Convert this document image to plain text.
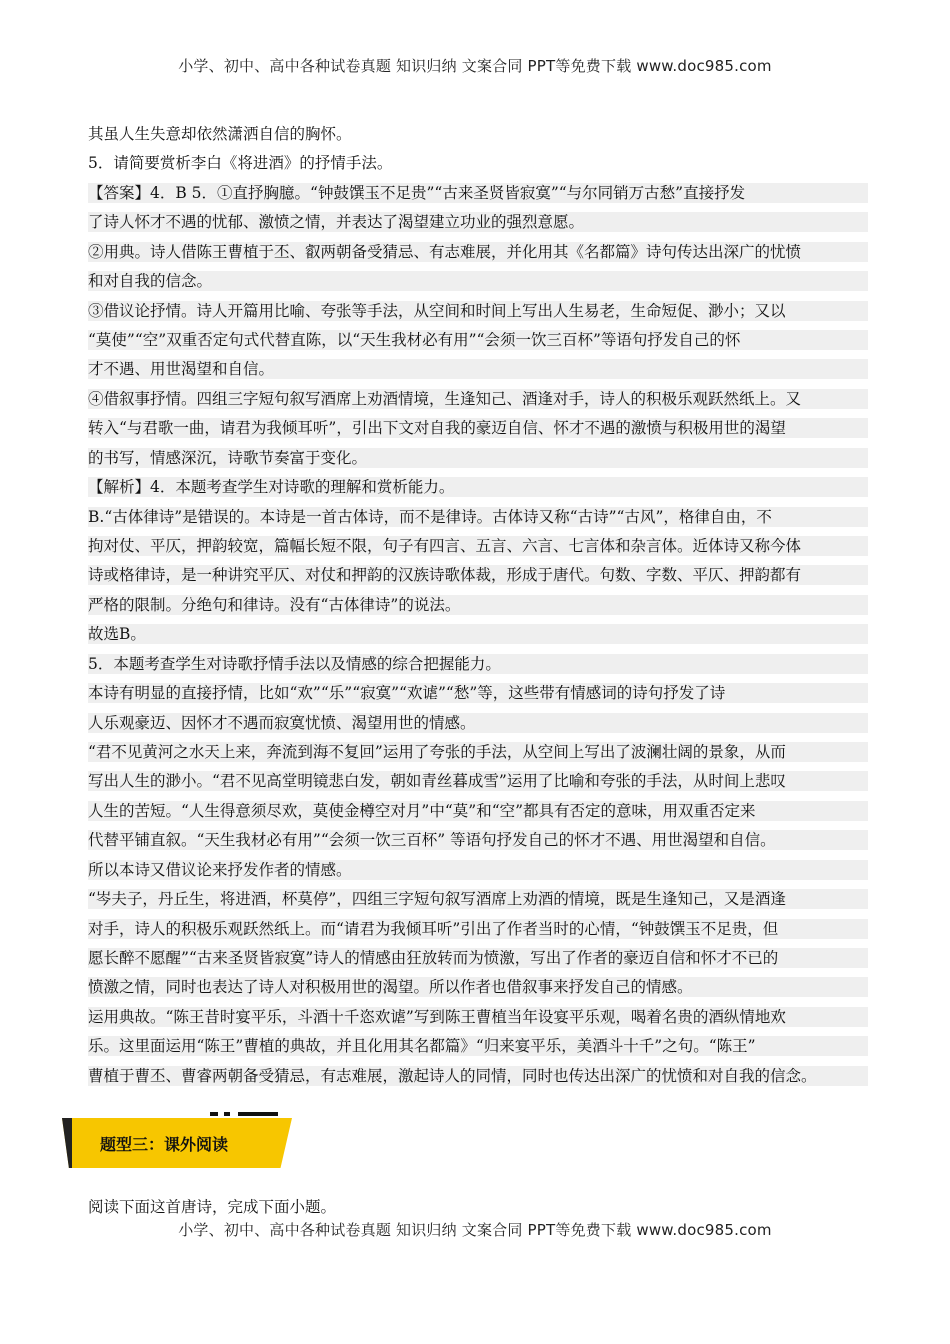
小学、初中、高中各种试卷真题 知识归纳 文案合同 PPT等免费下载 www.doc985.com
其虽人生失意却依然潇洒自信的胸怀。
5．请简要赏析李白《将进酒》的抒情手法。
【答案】4．B 5．①直抒胸臆。“钟鼓馔玉不足贵”“古来圣贤皆寂寞”“与尔同销万古愁”直接抒发
了诗人怀才不遇的忧郁、激愤之情，并表达了渴望建立功业的强烈意愿。
②用典。诗人借陈王曹植于丕、叡两朝备受猜忌、有志难展，并化用其《名都篇》诗句传达出深广的忧愤
和对自我的信念。
③借议论抒情。诗人开篇用比喻、夸张等手法，从空间和时间上写出人生易老，生命短促、渺小；又以
“莫使”“空”双重否定句式代替直陈，以“天生我材必有用”“会须一饮三百杯”等语句抒发自己的怀
才不遇、用世渴望和自信。
④借叙事抒情。四组三字短句叙写酒席上劝酒情境，生逢知己、酒逢对手，诗人的积极乐观跃然纸上。又
转入“与君歌一曲，请君为我倾耳听”，引出下文对自我的豪迈自信、怀才不遇的激愤与积极用世的渴望
的书写，情感深沉，诗歌节奏富于变化。
【解析】4．本题考查学生对诗歌的理解和赏析能力。
B.“古体律诗”是错误的。本诗是一首古体诗，而不是律诗。古体诗又称“古诗”“古风”，格律自由，不
拘对仗、平仄，押韵较宽，篇幅长短不限，句子有四言、五言、六言、七言体和杂言体。近体诗又称今体
诗或格律诗，是一种讲究平仄、对仗和押韵的汉族诗歌体裁，形成于唐代。句数、字数、平仄、押韵都有
严格的限制。分绝句和律诗。没有“古体律诗”的说法。
故选B。
5．本题考查学生对诗歌抒情手法以及情感的综合把握能力。
本诗有明显的直接抒情，比如“欢”“乐”“寂寞”“欢谑”“愁”等，这些带有情感词的诗句抒发了诗
人乐观豪迈、因怀才不遇而寂寞忧愤、渴望用世的情感。
“君不见黄河之水天上来，奔流到海不复回”运用了夸张的手法，从空间上写出了波澜壮阔的景象，从而
写出人生的渺小。“君不见高堂明镜悲白发，朝如青丝暮成雪”运用了比喻和夸张的手法，从时间上悲叹
人生的苦短。“人生得意须尽欢，莫使金樽空对月”中“莫”和“空”都具有否定的意味，用双重否定来
代替平铺直叙。“天生我材必有用”“会须一饮三百杯” 等语句抒发自己的怀才不遇、用世渴望和自信。
所以本诗又借议论来抒发作者的情感。
“岑夫子，丹丘生，将进酒，杯莫停”，四组三字短句叙写酒席上劝酒的情境，既是生逢知己，又是酒逢
对手，诗人的积极乐观跃然纸上。而“请君为我倾耳听”引出了作者当时的心情，“钟鼓馔玉不足贵，但
愿长醉不愿醒”“古来圣贤皆寂寞”诗人的情感由狂放转而为愤激，写出了作者的豪迈自信和怀才不已的
愤激之情，同时也表达了诗人对积极用世的渴望。所以作者也借叙事来抒发自己的情感。
运用典故。“陈王昔时宴平乐，斗酒十千恣欢谑”写到陈王曹植当年设宴平乐观，喝着名贵的酒纵情地欢
乐。这里面运用“陈王”曹植的典故，并且化用其名都篇》“归来宴平乐，美酒斗十千”之句。“陈王”
曹植于曹丕、曹睿两朝备受猜忌，有志难展，激起诗人的同情，同时也传达出深广的忧愤和对自我的信念。
题型三：课外阅读
阅读下面这首唐诗，完成下面小题。
小学、初中、高中各种试卷真题 知识归纳 文案合同 PPT等免费下载 www.doc985.com
